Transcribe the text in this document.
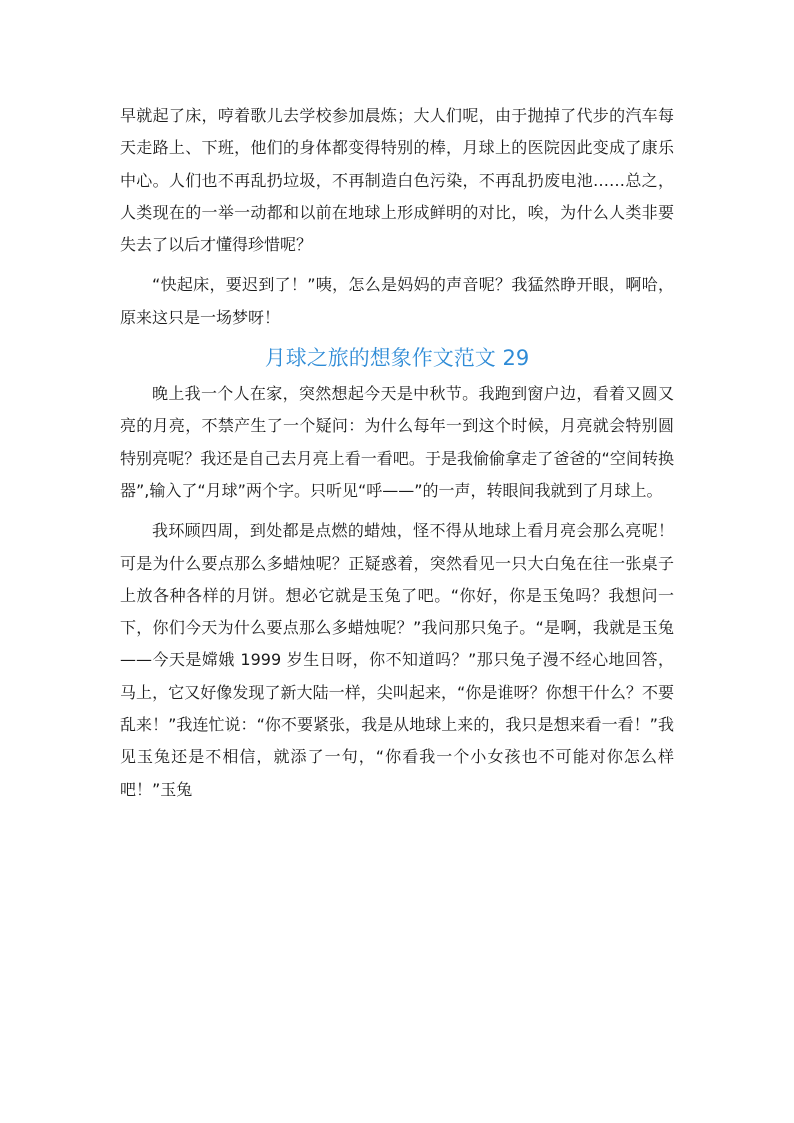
早就起了床，哼着歌儿去学校参加晨炼；大人们呢，由于抛掉了代步的汽车每天走路上、下班，他们的身体都变得特别的棒，月球上的医院因此变成了康乐中心。人们也不再乱扔垃圾，不再制造白色污染，不再乱扔废电池……总之，人类现在的一举一动都和以前在地球上形成鲜明的对比，唉，为什么人类非要失去了以后才懂得珍惜呢？

“快起床，要迟到了！”咦，怎么是妈妈的声音呢？我猛然睁开眼，啊哈，原来这只是一场梦呀！

月球之旅的想象作文范文 29

晚上我一个人在家，突然想起今天是中秋节。我跑到窗户边，看着又圆又亮的月亮，不禁产生了一个疑问：为什么每年一到这个时候，月亮就会特别圆特别亮呢？我还是自己去月亮上看一看吧。于是我偷偷拿走了爸爸的“空间转换器”,输入了“月球”两个字。只听见“呼——”的一声，转眼间我就到了月球上。

我环顾四周，到处都是点燃的蜡烛，怪不得从地球上看月亮会那么亮呢！可是为什么要点那么多蜡烛呢？正疑惑着，突然看见一只大白兔在往一张桌子上放各种各样的月饼。想必它就是玉兔了吧。“你好，你是玉兔吗？我想问一下，你们今天为什么要点那么多蜡烛呢？”我问那只兔子。“是啊，我就是玉兔——今天是嫦娥 1999 岁生日呀，你不知道吗？”那只兔子漫不经心地回答，马上，它又好像发现了新大陆一样，尖叫起来，“你是谁呀？你想干什么？不要乱来！”我连忙说：“你不要紧张，我是从地球上来的，我只是想来看一看！”我见玉兔还是不相信，就添了一句，“你看我一个小女孩也不可能对你怎么样吧！”玉兔
